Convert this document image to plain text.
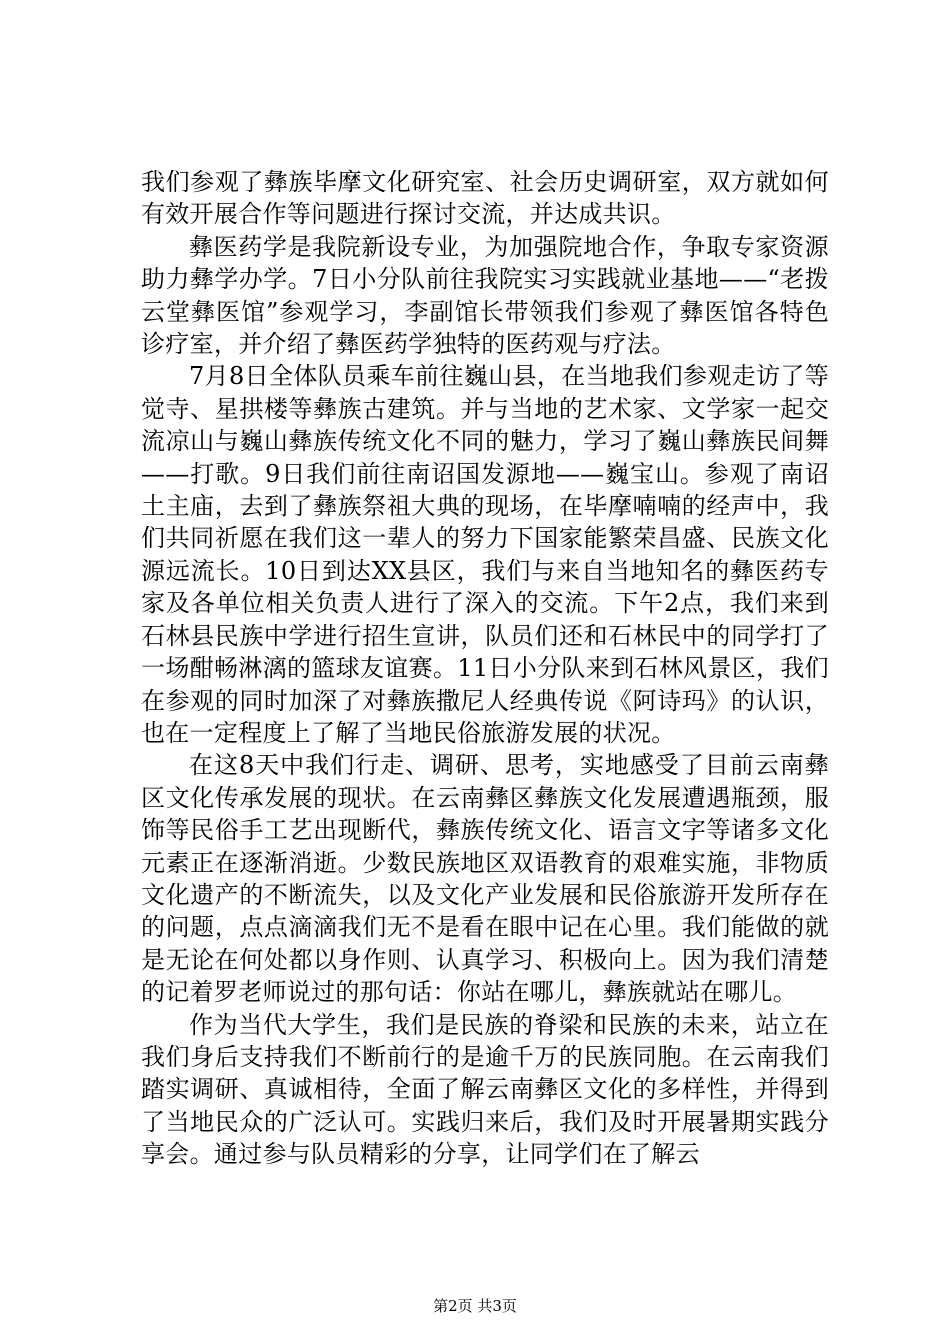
我们参观了彝族毕摩文化研究室、社会历史调研室，双方就如何有效开展合作等问题进行探讨交流，并达成共识。

彝医药学是我院新设专业，为加强院地合作，争取专家资源助力彝学办学。7日小分队前往我院实习实践就业基地——“老拨云堂彝医馆”参观学习，李副馆长带领我们参观了彝医馆各特色诊疗室，并介绍了彝医药学独特的医药观与疗法。

7月8日全体队员乘车前往巍山县，在当地我们参观走访了等觉寺、星拱楼等彝族古建筑。并与当地的艺术家、文学家一起交流凉山与巍山彝族传统文化不同的魅力，学习了巍山彝族民间舞——打歌。9日我们前往南诏国发源地——巍宝山。参观了南诏土主庙，去到了彝族祭祖大典的现场，在毕摩喃喃的经声中，我们共同祈愿在我们这一辈人的努力下国家能繁荣昌盛、民族文化源远流长。10日到达XX县区，我们与来自当地知名的彝医药专家及各单位相关负责人进行了深入的交流。下午2点，我们来到石林县民族中学进行招生宣讲，队员们还和石林民中的同学打了一场酣畅淋漓的篮球友谊赛。11日小分队来到石林风景区，我们在参观的同时加深了对彝族撒尼人经典传说《阿诗玛》的认识，也在一定程度上了解了当地民俗旅游发展的状况。

在这8天中我们行走、调研、思考，实地感受了目前云南彝区文化传承发展的现状。在云南彝区彝族文化发展遭遇瓶颈，服饰等民俗手工艺出现断代，彝族传统文化、语言文字等诸多文化元素正在逐渐消逝。少数民族地区双语教育的艰难实施，非物质文化遗产的不断流失，以及文化产业发展和民俗旅游开发所存在的问题，点点滴滴我们无不是看在眼中记在心里。我们能做的就是无论在何处都以身作则、认真学习、积极向上。因为我们清楚的记着罗老师说过的那句话：你站在哪儿，彝族就站在哪儿。

作为当代大学生，我们是民族的脊梁和民族的未来，站立在我们身后支持我们不断前行的是逾千万的民族同胞。在云南我们踏实调研、真诚相待，全面了解云南彝区文化的多样性，并得到了当地民众的广泛认可。实践归来后，我们及时开展暑期实践分享会。通过参与队员精彩的分享，让同学们在了解云

第2页 共3页
